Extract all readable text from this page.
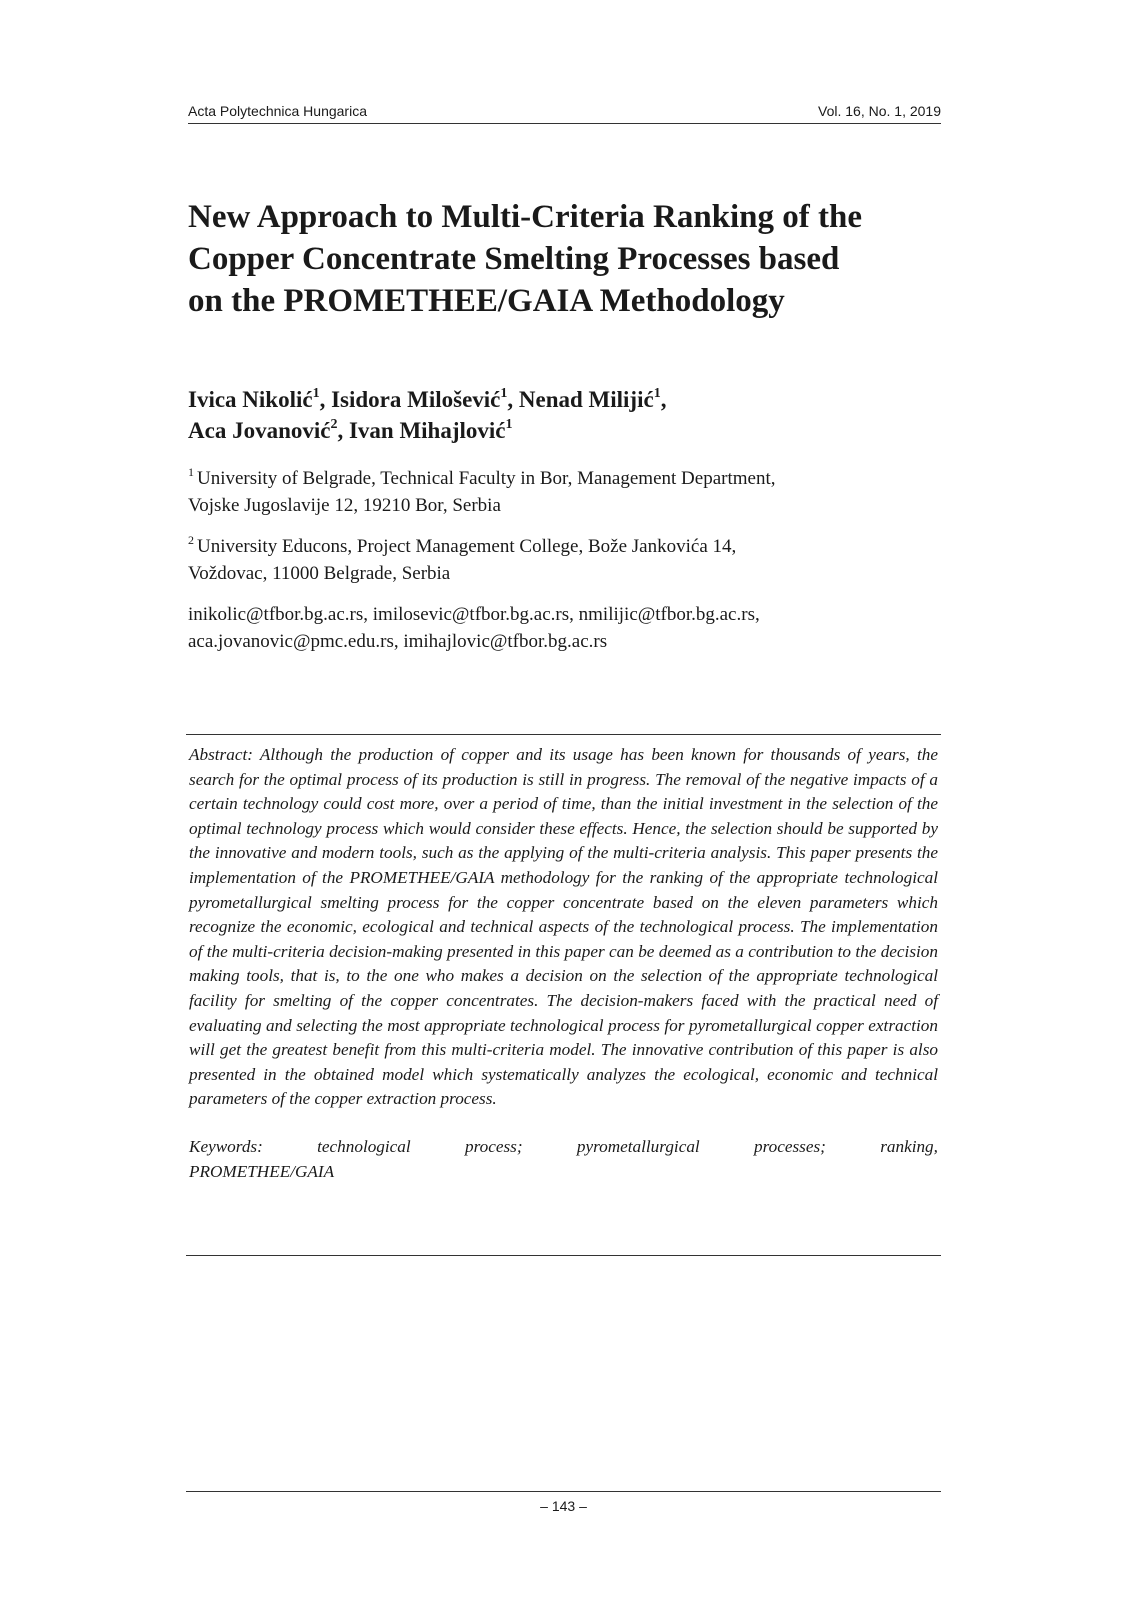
Acta Polytechnica Hungarica	Vol. 16, No. 1, 2019
New Approach to Multi-Criteria Ranking of the
Copper Concentrate Smelting Processes based
on the PROMETHEE/GAIA Methodology
Ivica Nikolić$^1$, Isidora Milošević$^1$, Nenad Milijić$^1$,
Aca Jovanović$^2$, Ivan Mihajlović$^1$
$^1$ University of Belgrade, Technical Faculty in Bor, Management Department,
Vojske Jugoslavije 12, 19210 Bor, Serbia
$^2$ University Educons, Project Management College, Bože Jankovića 14,
Voždovac, 11000 Belgrade, Serbia
inikolic@tfbor.bg.ac.rs, imilosevic@tfbor.bg.ac.rs, nmilijic@tfbor.bg.ac.rs,
aca.jovanovic@pmc.edu.rs, imihajlovic@tfbor.bg.ac.rs

Abstract: Although the production of copper and its usage has been known for thousands of years, the search for the optimal process of its production is still in progress. The removal of the negative impacts of a certain technology could cost more, over a period of time, than the initial investment in the selection of the optimal technology process which would consider these effects. Hence, the selection should be supported by the innovative and modern tools, such as the applying of the multi-criteria analysis. This paper presents the implementation of the PROMETHEE/GAIA methodology for the ranking of the appropriate technological pyrometallurgical smelting process for the copper concentrate based on the eleven parameters which recognize the economic, ecological and technical aspects of the technological process. The implementation of the multi-criteria decision-making presented in this paper can be deemed as a contribution to the decision making tools, that is, to the one who makes a decision on the selection of the appropriate technological facility for smelting of the copper concentrates. The decision-makers faced with the practical need of evaluating and selecting the most appropriate technological process for pyrometallurgical copper extraction will get the greatest benefit from this multi-criteria model. The innovative contribution of this paper is also presented in the obtained model which systematically analyzes the ecological, economic and technical parameters of the copper extraction process.

Keywords:	technological	process;	pyrometallurgical	processes;	ranking,
PROMETHEE/GAIA

– 143 –
